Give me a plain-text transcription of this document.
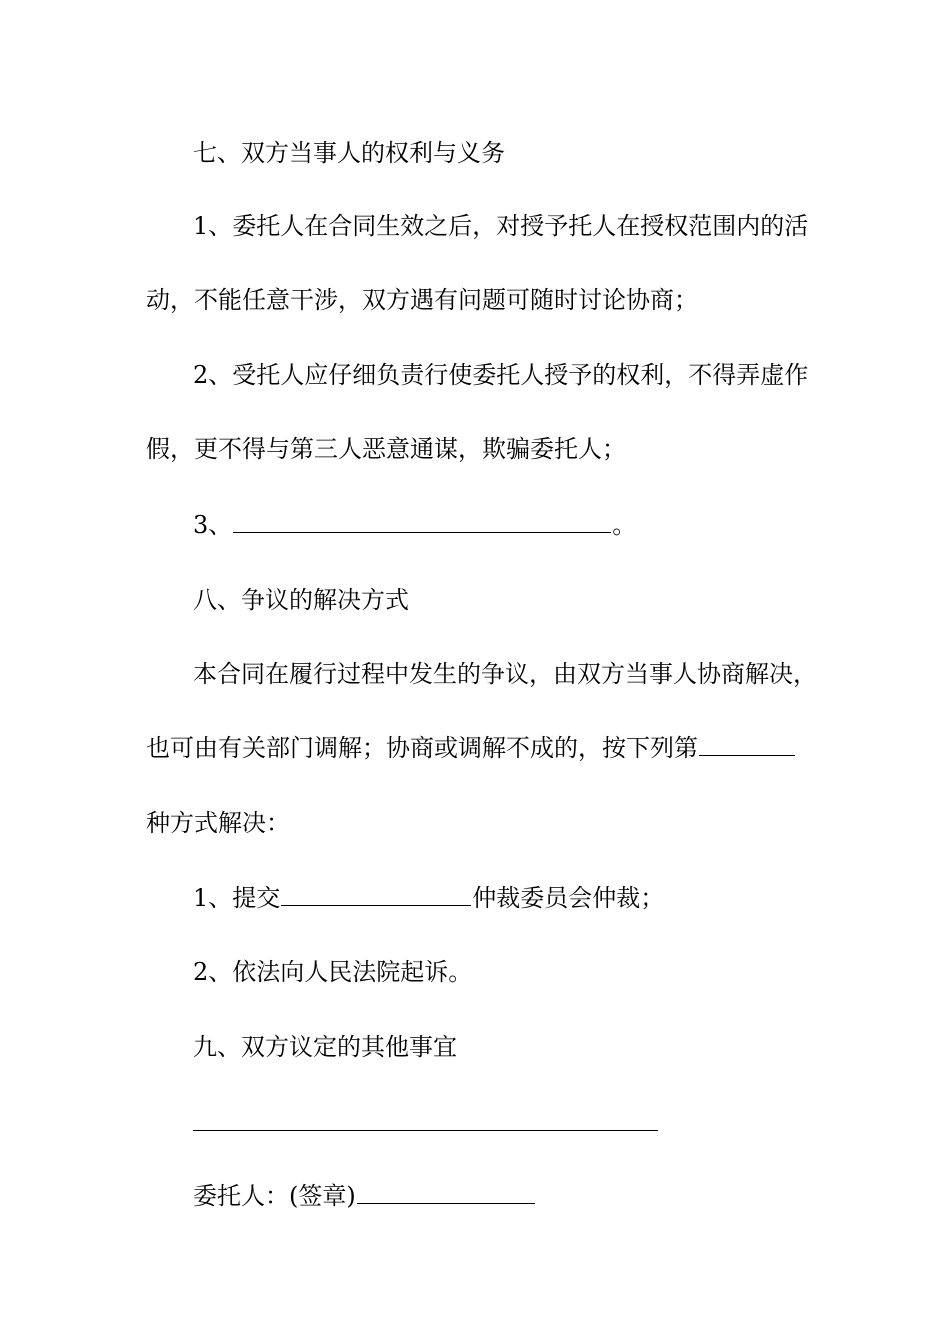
七、双方当事人的权利与义务
1、委托人在合同生效之后，对授予托人在授权范围内的活
动，不能任意干涉，双方遇有问题可随时讨论协商；
2、受托人应仔细负责行使委托人授予的权利，不得弄虚作
假，更不得与第三人恶意通谋，欺骗委托人；
3、	。
八、争议的解决方式
本合同在履行过程中发生的争议，由双方当事人协商解决，
也可由有关部门调解；协商或调解不成的，按下列第
种方式解决：
1、提交	仲裁委员会仲裁；
2、依法向人民法院起诉。
九、双方议定的其他事宜
委托人：(签章)
